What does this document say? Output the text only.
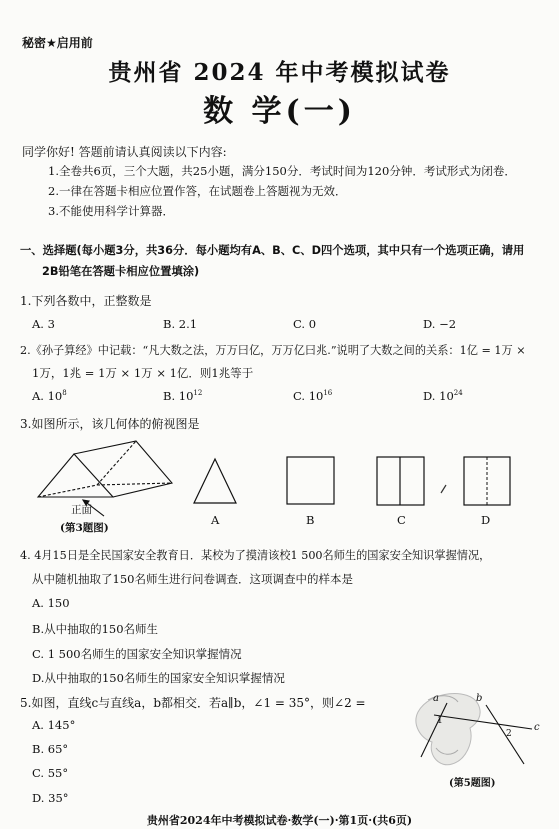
秘密★启用前
贵州省 2024 年中考模拟试卷
数 学(一)
同学你好! 答题前请认真阅读以下内容:
1.全卷共6页，三个大题，共25小题，满分150分．考试时间为120分钟．考试形式为闭卷．
2.一律在答题卡相应位置作答，在试题卷上答题视为无效．
3.不能使用科学计算器．
一、选择题(每小题3分，共36分．每小题均有A、B、C、D四个选项，其中只有一个选项正确，请用
2B铅笔在答题卡相应位置填涂)
1.下列各数中，正整数是
A. 3	B. 2.1	C. 0	D. −2
2.《孙子算经》中记载：“凡大数之法，万万曰亿，万万亿曰兆.”说明了大数之间的关系：1亿 = 1万 ×
1万，1兆 = 1万 × 1万 × 1亿．则1兆等于
A. $10^8$	B. $10^{12}$	C. $10^{16}$	D. $10^{24}$
3.如图所示，该几何体的俯视图是
正面
(第3题图)
A	B	C	D
4. 4月15日是全民国家安全教育日．某校为了摸清该校1 500名师生的国家安全知识掌握情况，
从中随机抽取了150名师生进行问卷调查．这项调查中的样本是
A. 150
B.从中抽取的150名师生
C. 1 500名师生的国家安全知识掌握情况
D.从中抽取的150名师生的国家安全知识掌握情况
5.如图，直线c与直线a，b都相交．若a∥b，∠1 = 35°，则∠2 =
A. 145°
B. 65°
C. 55°
D. 35°
a	b
c
1
2
(第5题图)
贵州省2024年中考模拟试卷·数学(一)·第1页·(共6页)
